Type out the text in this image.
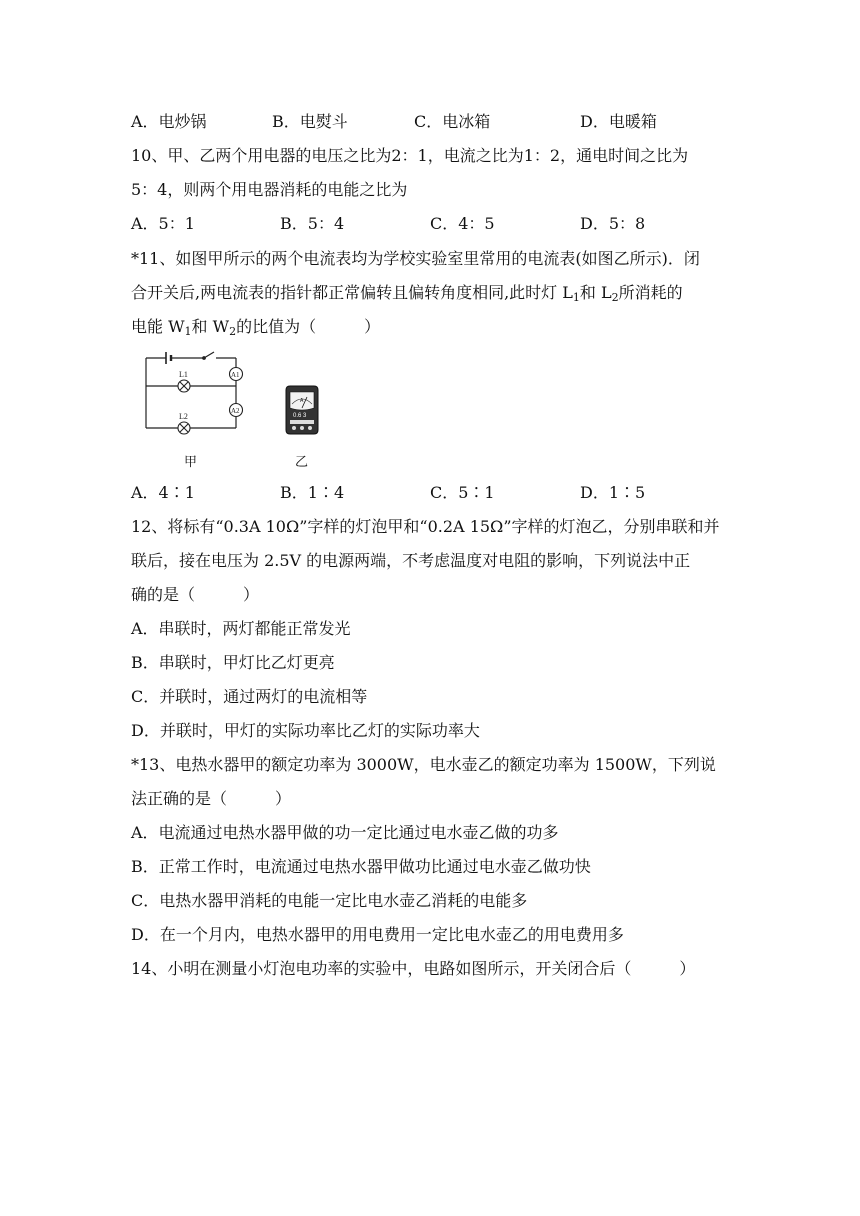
A．电炒锅	B．电熨斗	C．电冰箱	D．电暖箱
10、甲、乙两个用电器的电压之比为2：1，电流之比为1：2，通电时间之比为
5：4，则两个用电器消耗的电能之比为
A．5：1	B．5：4	C．4：5	D．5：8
*11、如图甲所示的两个电流表均为学校实验室里常用的电流表(如图乙所示)．闭
合开关后,两电流表的指针都正常偏转且偏转角度相同,此时灯 $L_1$和 $L_2$所消耗的
电能 $W_1$和 $W_2$的比值为（　　　）
L1
L2
A1
A2
A
0.6 3
甲	乙
A．4∶1	B．1∶4	C．5∶1	D．1∶5
12、将标有“0.3A 10Ω”字样的灯泡甲和“0.2A 15Ω”字样的灯泡乙，分别串联和并
联后，接在电压为 2.5V 的电源两端，不考虑温度对电阻的影响，下列说法中正
确的是（　　　）
A．串联时，两灯都能正常发光
B．串联时，甲灯比乙灯更亮
C．并联时，通过两灯的电流相等
D．并联时，甲灯的实际功率比乙灯的实际功率大
*13、电热水器甲的额定功率为 3000W，电水壶乙的额定功率为 1500W，下列说
法正确的是（　　　）
A．电流通过电热水器甲做的功一定比通过电水壶乙做的功多
B．正常工作时，电流通过电热水器甲做功比通过电水壶乙做功快
C．电热水器甲消耗的电能一定比电水壶乙消耗的电能多
D．在一个月内，电热水器甲的用电费用一定比电水壶乙的用电费用多
14、小明在测量小灯泡电功率的实验中，电路如图所示，开关闭合后（　　　）
